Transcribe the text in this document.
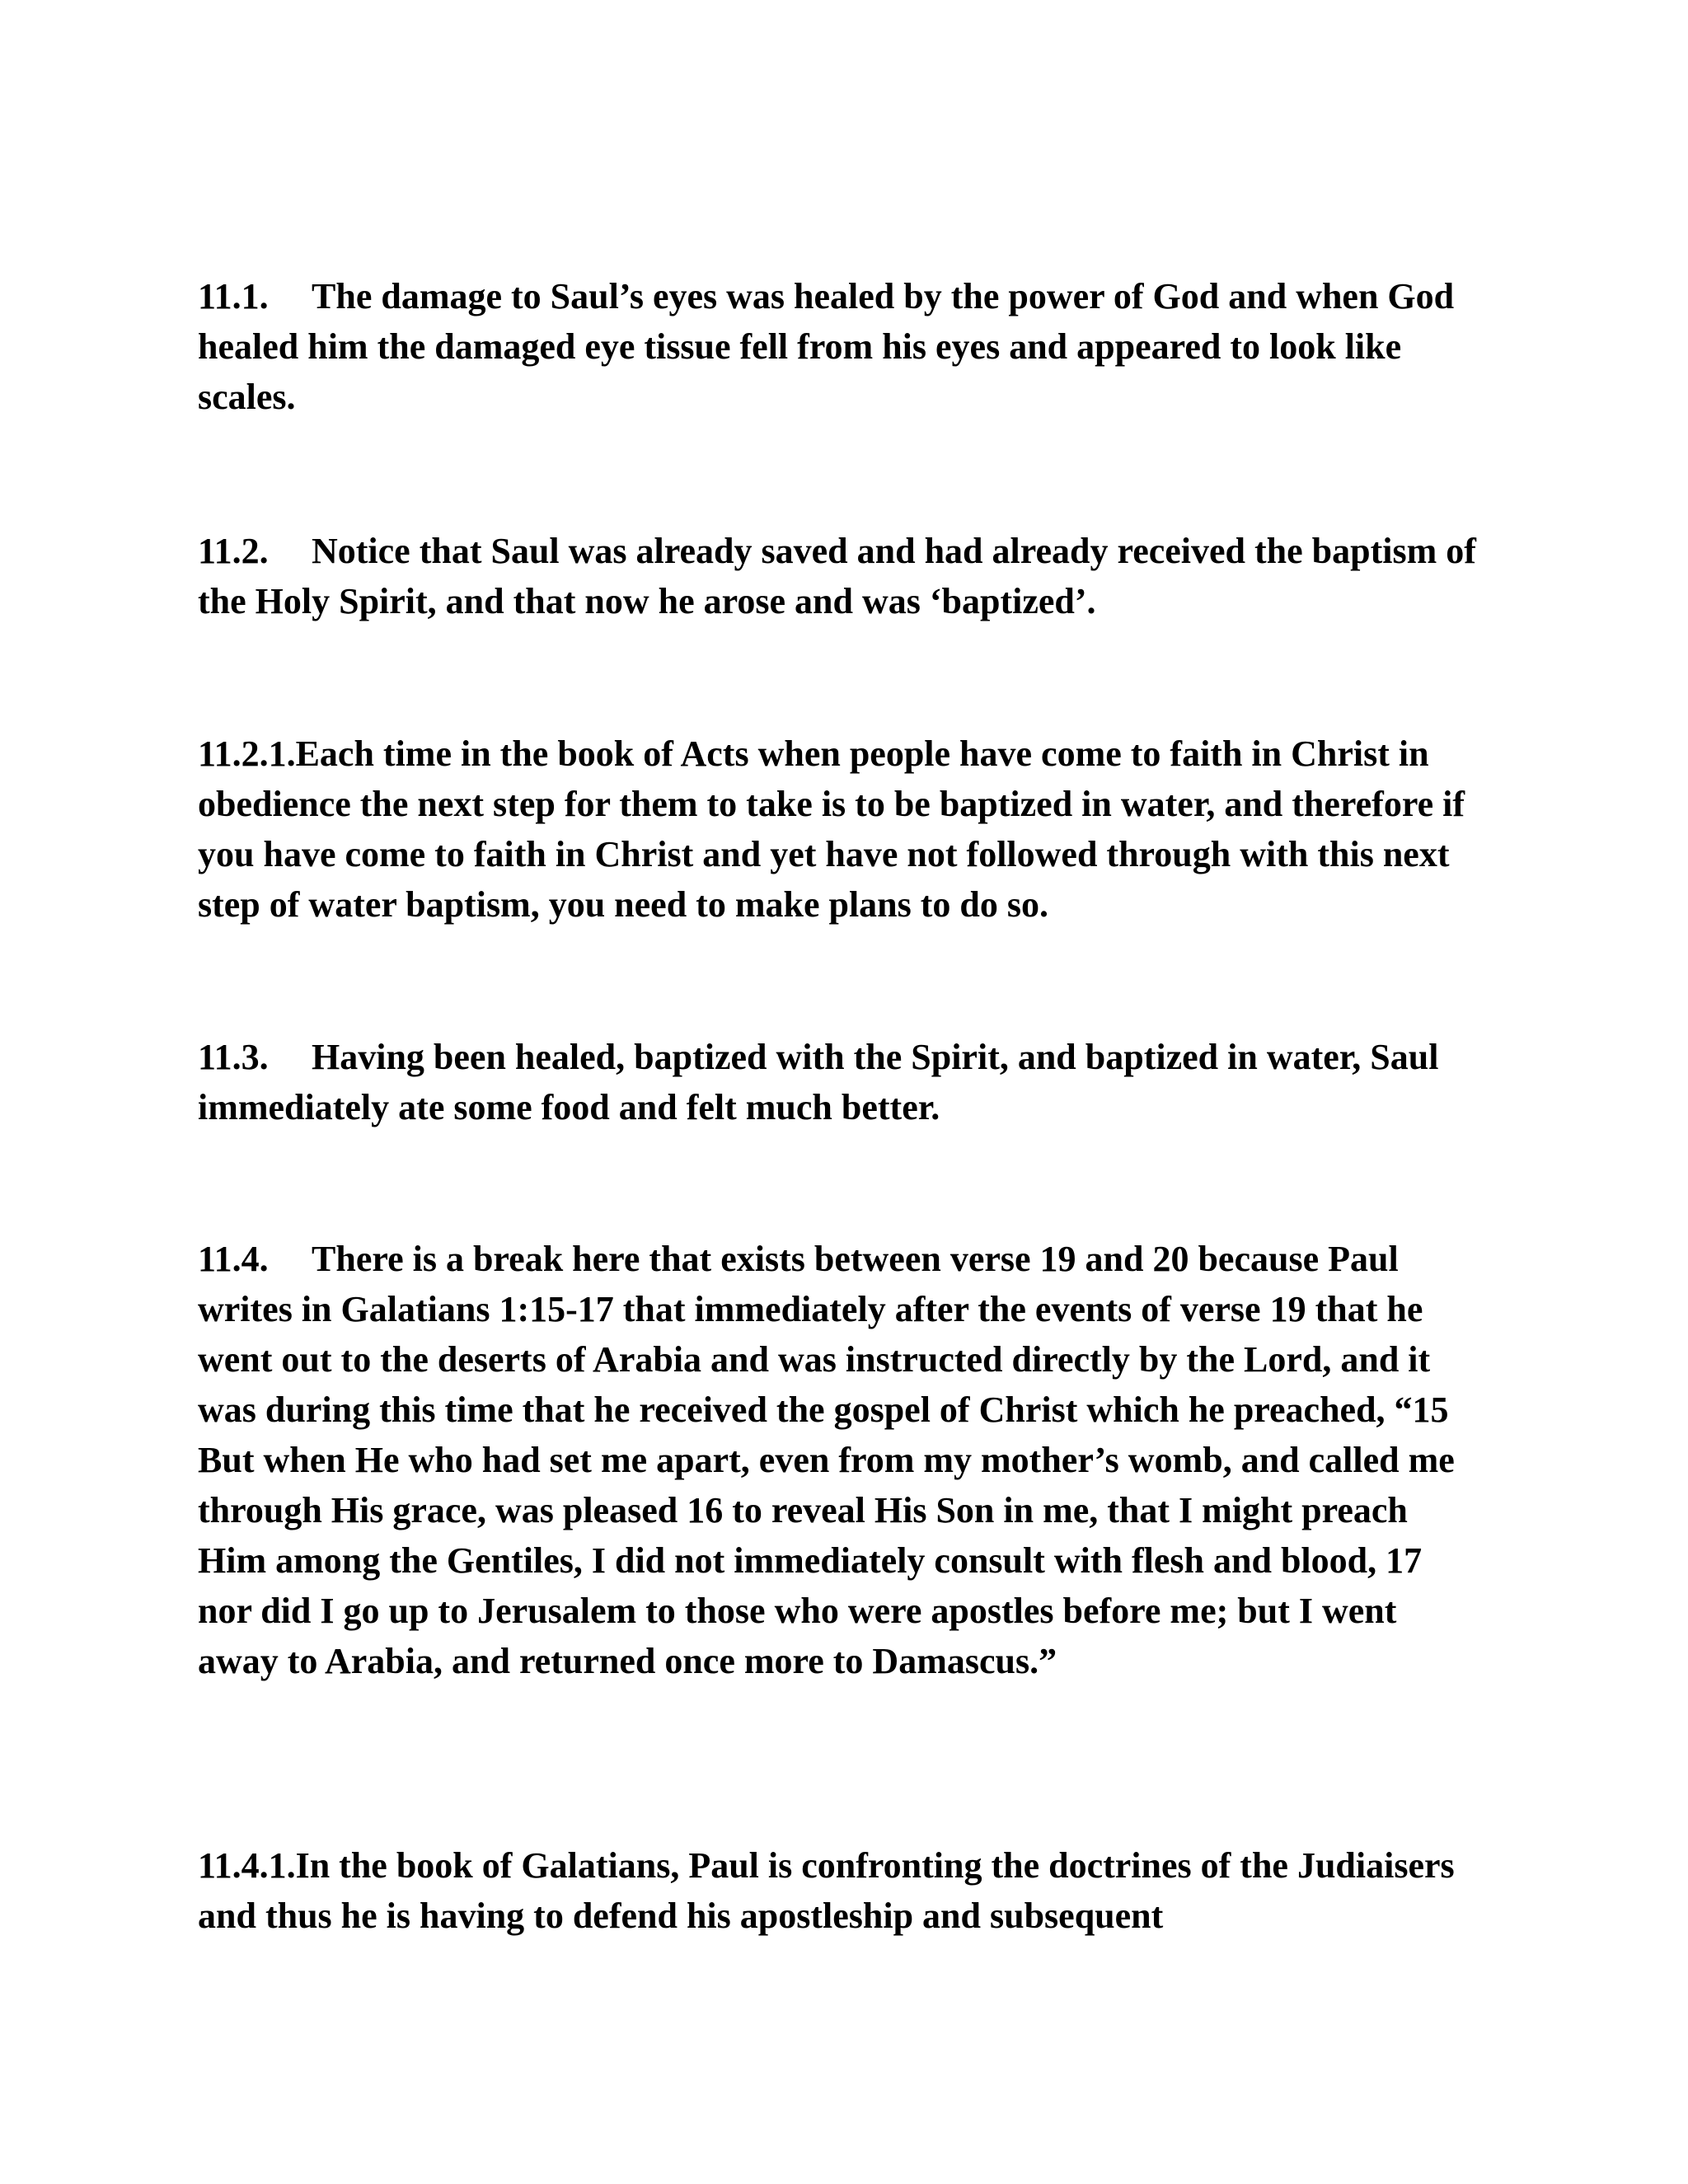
11.1. The damage to Saul’s eyes was healed by the power of God and when God healed him the damaged eye tissue fell from his eyes and appeared to look like scales.

11.2. Notice that Saul was already saved and had already received the baptism of the Holy Spirit, and that now he arose and was ‘baptized’.

11.2.1.Each time in the book of Acts when people have come to faith in Christ in obedience the next step for them to take is to be baptized in water, and therefore if you have come to faith in Christ and yet have not followed through with this next step of water baptism, you need to make plans to do so.

11.3. Having been healed, baptized with the Spirit, and baptized in water, Saul immediately ate some food and felt much better.

11.4. There is a break here that exists between verse 19 and 20 because Paul writes in Galatians 1:15-17 that immediately after the events of verse 19 that he went out to the deserts of Arabia and was instructed directly by the Lord, and it was during this time that he received the gospel of Christ which he preached, “15 But when He who had set me apart, even from my mother’s womb, and called me through His grace, was pleased 16 to reveal His Son in me, that I might preach Him among the Gentiles, I did not immediately consult with flesh and blood, 17 nor did I go up to Jerusalem to those who were apostles before me; but I went away to Arabia, and returned once more to Damascus.”

11.4.1.In the book of Galatians, Paul is confronting the doctrines of the Judiaisers and thus he is having to defend his apostleship and subsequent
